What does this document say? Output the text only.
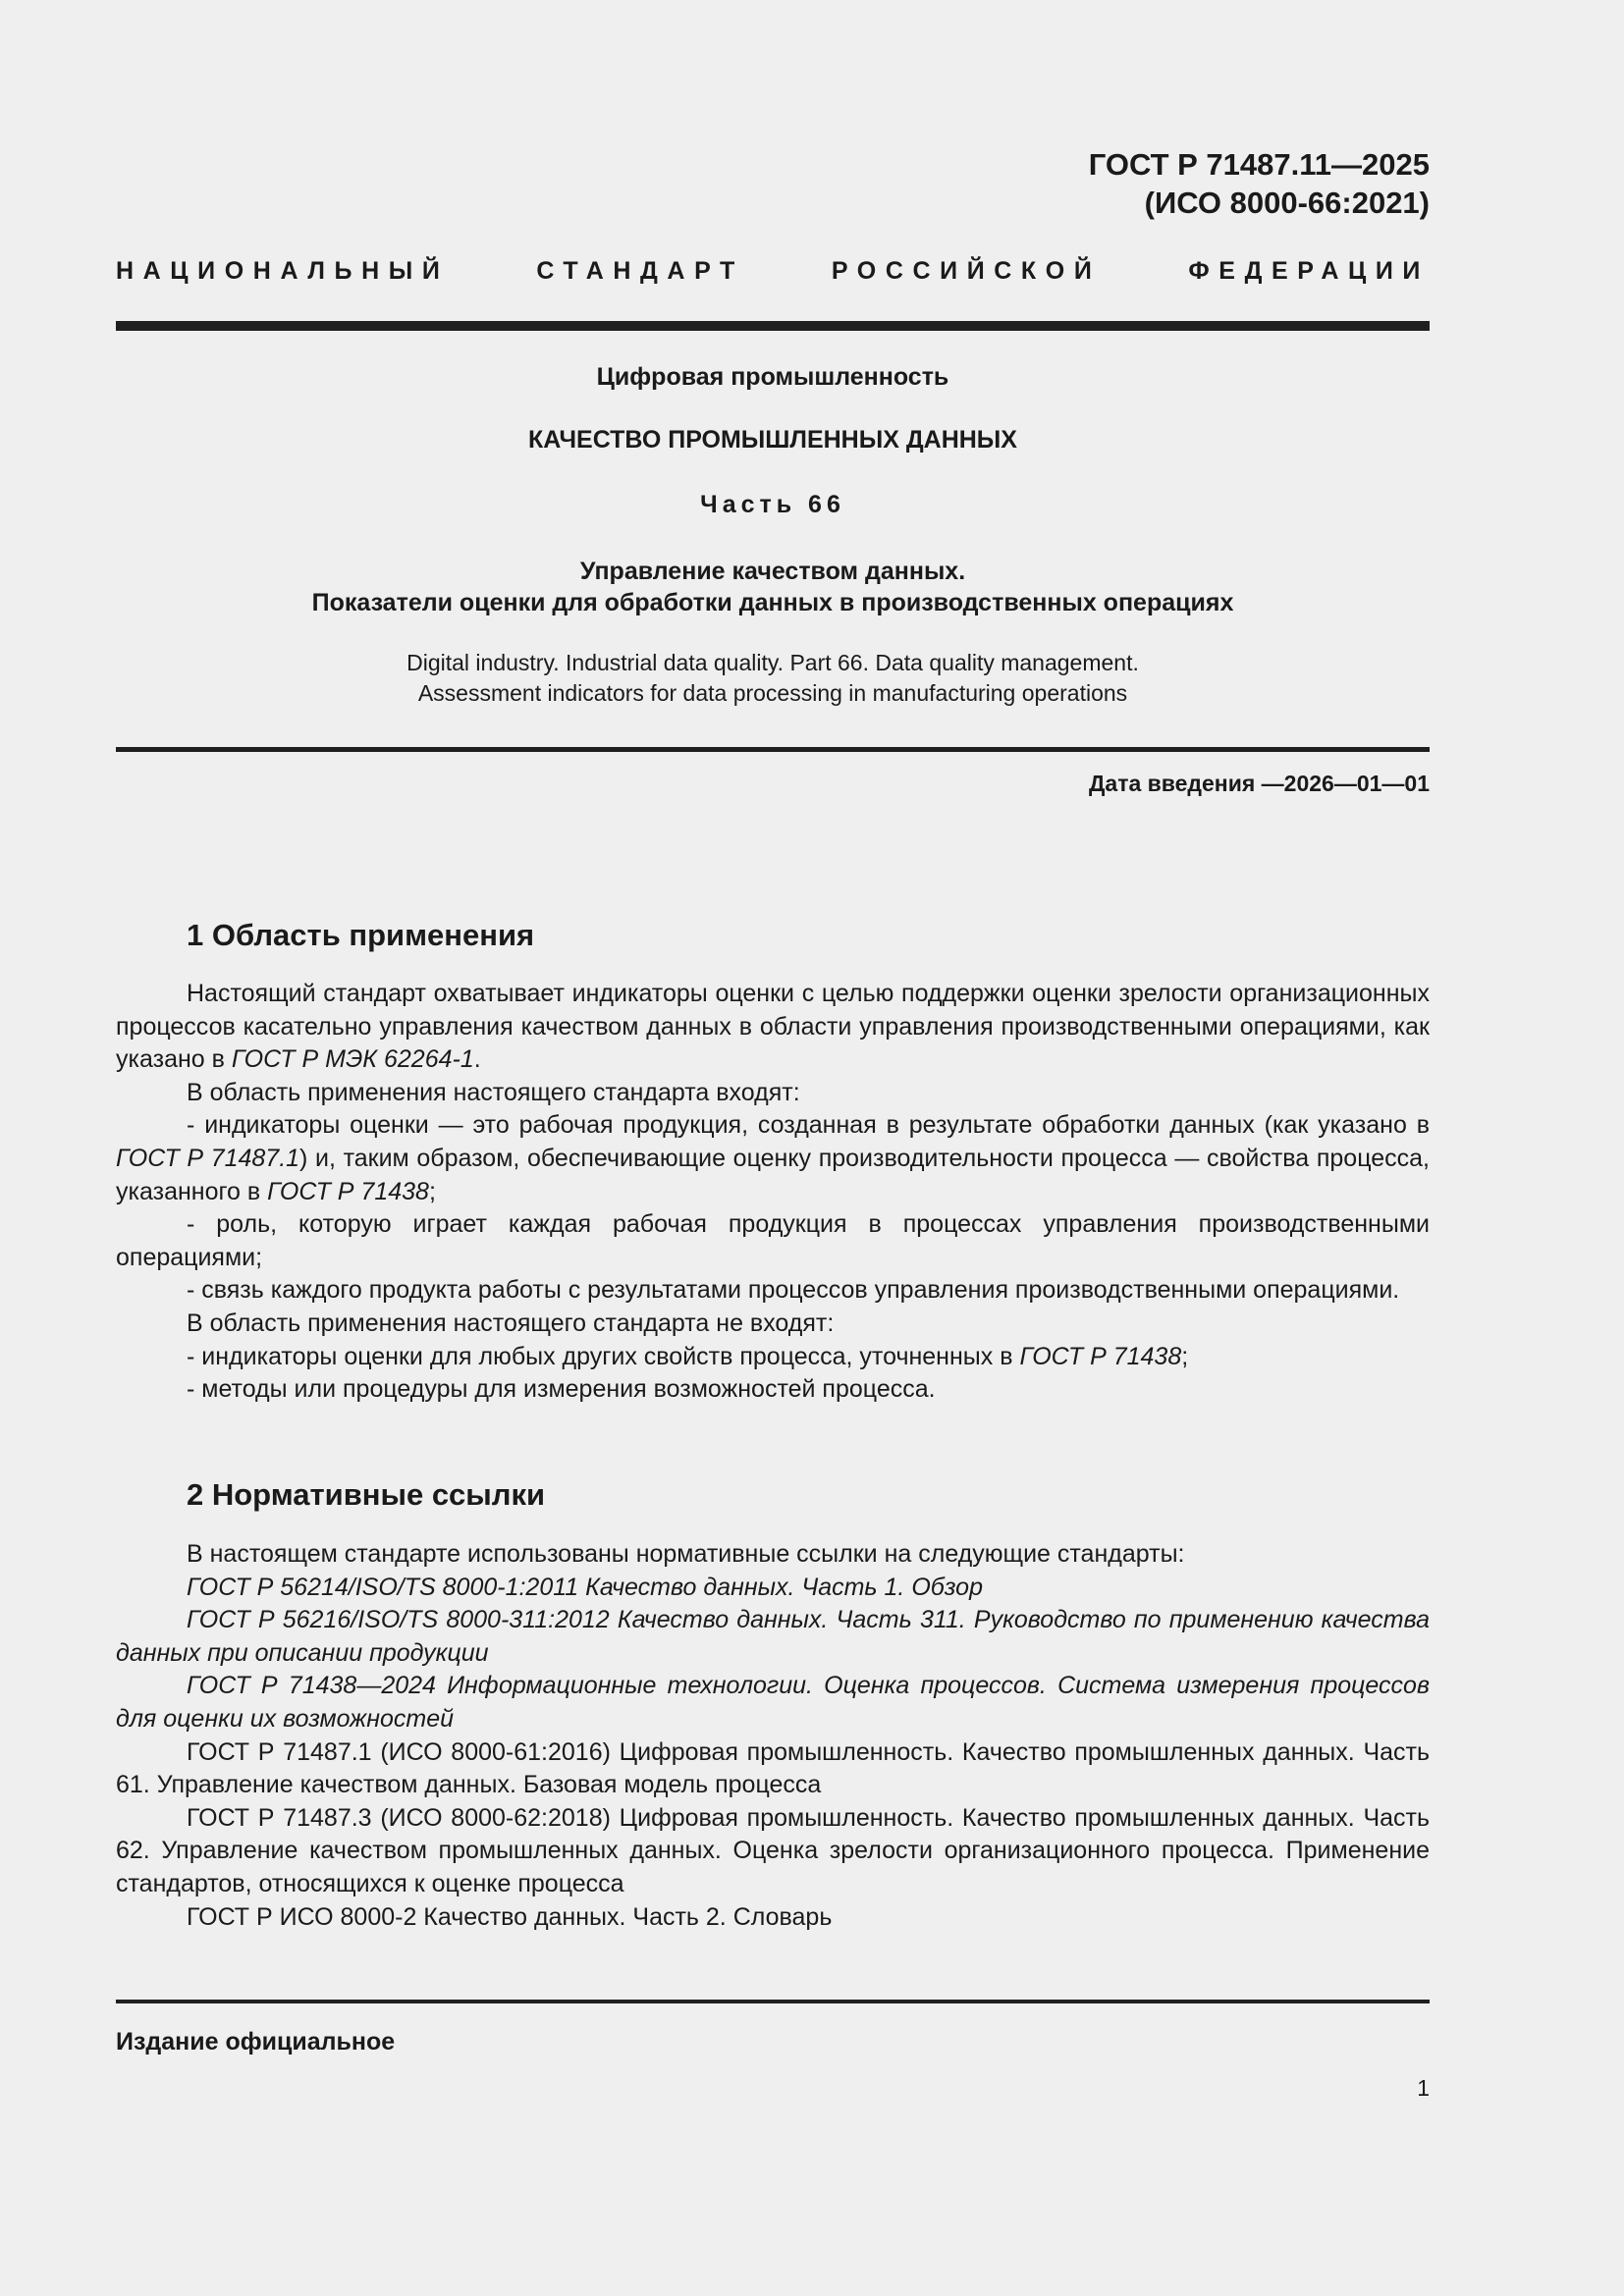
ГОСТ Р 71487.11—2025
(ИСО 8000-66:2021)
НАЦИОНАЛЬНЫЙ СТАНДАРТ РОССИЙСКОЙ ФЕДЕРАЦИИ
Цифровая промышленность
КАЧЕСТВО ПРОМЫШЛЕННЫХ ДАННЫХ
Часть 66
Управление качеством данных.
Показатели оценки для обработки данных в производственных операциях
Digital industry. Industrial data quality. Part 66. Data quality management.
Assessment indicators for data processing in manufacturing operations
Дата введения —2026—01—01
1 Область применения

Настоящий стандарт охватывает индикаторы оценки с целью поддержки оценки зрелости организационных процессов касательно управления качеством данных в области управления производственными операциями, как указано в ГОСТ Р МЭК 62264-1.

В область применения настоящего стандарта входят:

- индикаторы оценки — это рабочая продукция, созданная в результате обработки данных (как указано в ГОСТ Р 71487.1) и, таким образом, обеспечивающие оценку производительности процесса — свойства процесса, указанного в ГОСТ Р 71438;

- роль, которую играет каждая рабочая продукция в процессах управления производственными операциями;

- связь каждого продукта работы с результатами процессов управления производственными операциями.

В область применения настоящего стандарта не входят:

- индикаторы оценки для любых других свойств процесса, уточненных в ГОСТ Р 71438;

- методы или процедуры для измерения возможностей процесса.

2 Нормативные ссылки

В настоящем стандарте использованы нормативные ссылки на следующие стандарты:

ГОСТ Р 56214/ISO/TS 8000-1:2011 Качество данных. Часть 1. Обзор

ГОСТ Р 56216/ISO/TS 8000-311:2012 Качество данных. Часть 311. Руководство по применению качества данных при описании продукции

ГОСТ Р 71438—2024 Информационные технологии. Оценка процессов. Система измерения процессов для оценки их возможностей

ГОСТ Р 71487.1 (ИСО 8000-61:2016) Цифровая промышленность. Качество промышленных данных. Часть 61. Управление качеством данных. Базовая модель процесса

ГОСТ Р 71487.3 (ИСО 8000-62:2018) Цифровая промышленность. Качество промышленных данных. Часть 62. Управление качеством промышленных данных. Оценка зрелости организационного процесса. Применение стандартов, относящихся к оценке процесса

ГОСТ Р ИСО 8000-2 Качество данных. Часть 2. Словарь

Издание официальное
1
